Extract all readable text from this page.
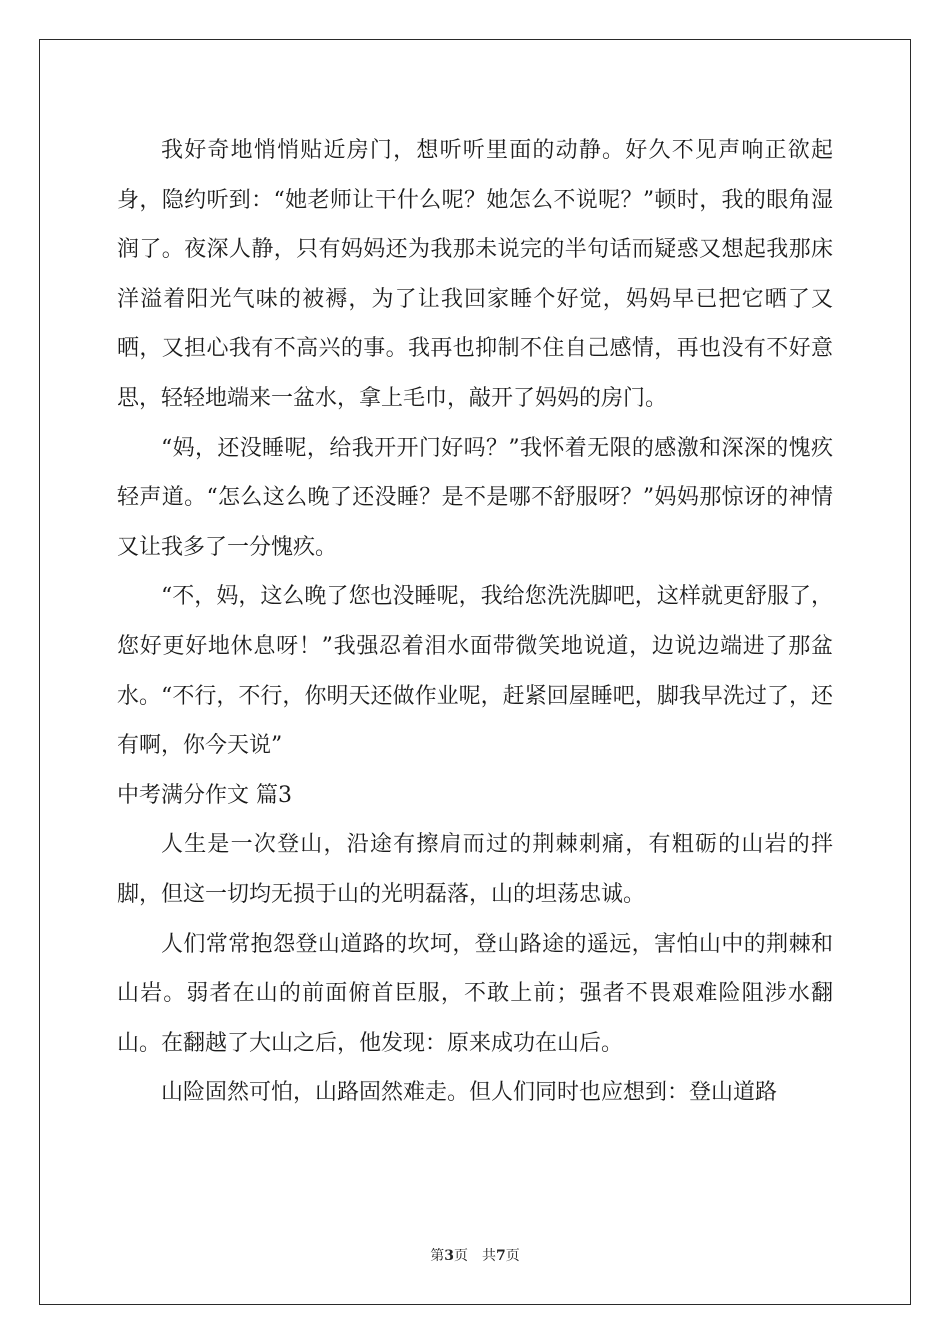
我好奇地悄悄贴近房门，想听听里面的动静。好久不见声响正欲起身，隐约听到：“她老师让干什么呢？她怎么不说呢？”顿时，我的眼角湿润了。夜深人静，只有妈妈还为我那未说完的半句话而疑惑又想起我那床洋溢着阳光气味的被褥，为了让我回家睡个好觉，妈妈早已把它晒了又晒，又担心我有不高兴的事。我再也抑制不住自己感情，再也没有不好意思，轻轻地端来一盆水，拿上毛巾，敲开了妈妈的房门。

“妈，还没睡呢，给我开开门好吗？”我怀着无限的感激和深深的愧疚轻声道。“怎么这么晚了还没睡？是不是哪不舒服呀？”妈妈那惊讶的神情又让我多了一分愧疚。

“不，妈，这么晚了您也没睡呢，我给您洗洗脚吧，这样就更舒服了，您好更好地休息呀！”我强忍着泪水面带微笑地说道，边说边端进了那盆水。“不行，不行，你明天还做作业呢，赶紧回屋睡吧，脚我早洗过了，还有啊，你今天说”

中考满分作文 篇3

人生是一次登山，沿途有擦肩而过的荆棘刺痛，有粗砺的山岩的拌脚，但这一切均无损于山的光明磊落，山的坦荡忠诚。

人们常常抱怨登山道路的坎坷，登山路途的遥远，害怕山中的荆棘和山岩。弱者在山的前面俯首臣服，不敢上前；强者不畏艰难险阻涉水翻山。在翻越了大山之后，他发现：原来成功在山后。

山险固然可怕，山路固然难走。但人们同时也应想到：登山道路

第3页　共7页
